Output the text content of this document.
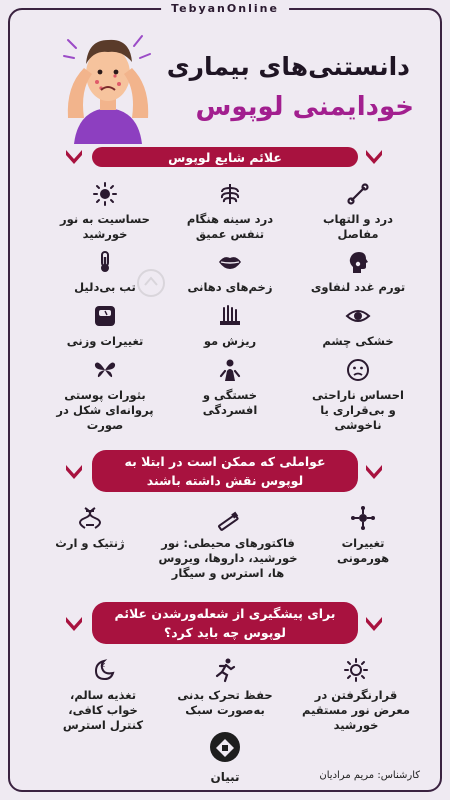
TebyanOnline
دانستنی‌های بیماری
خودایمنی لوپوس
علائم شایع لوپوس
درد و التهاب مفاصل
درد سینه هنگام تنفس عمیق
حساسیت به نور خورشید
تورم غدد لنفاوی
زخم‌های دهانی
تب بی‌دلیل
خشکی چشم
ریزش مو
تغییرات وزنی
احساس ناراحتی و بی‌قراری یا ناخوشی
خستگی و افسردگی
بثورات پوستی پروانه‌ای شکل در صورت
عواملی که ممکن است در ابتلا به لوپوس نقش داشته باشند
تغییرات هورمونی
فاکتورهای محیطی: نور خورشید، داروها، ویروس ها، استرس و سیگار
ژنتیک و ارث
برای پیشگیری از شعله‌ورشدن علائم لوپوس چه باید کرد؟
قرارنگرفتن در معرض نور مستقیم خورشید
حفظ تحرک بدنی به‌صورت سبک
z
تغذیه سالم، خواب کافی، کنترل استرس
تبیان	کارشناس: مریم مرادیان
